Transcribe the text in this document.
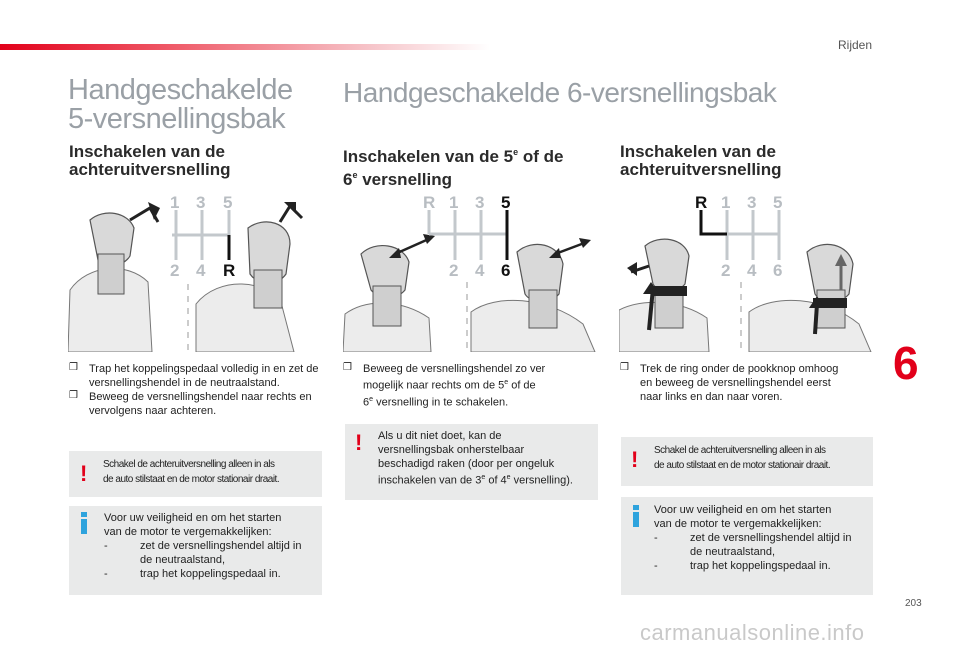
Rijden
Handgeschakelde
5-versnellingsbak
Inschakelen van de
achteruitversnelling
1 3 5
2 4 R
❒ Trap het koppelingspedaal volledig in en zet de versnellingshendel in de neutraalstand.
❒ Beweeg de versnellingshendel naar rechts en vervolgens naar achteren.
! Schakel de achteruitversnelling alleen in als
de auto stilstaat en de motor stationair draait.
Voor uw veiligheid en om het starten
van de motor te vergemakkelijken:
-	zet de versnellingshendel altijd in
de neutraalstand,
-	trap het koppelingspedaal in.
Handgeschakelde 6-versnellingsbak
Inschakelen van de 5e of de
6e versnelling
R 1 3 5
2 4 6
❒ Beweeg de versnellingshendel zo ver
mogelijk naar rechts om de 5e of de
6e versnelling in te schakelen.
! Als u dit niet doet, kan de
versnellingsbak onherstelbaar
beschadigd raken (door per ongeluk
inschakelen van de 3e of 4e versnelling).
Inschakelen van de
achteruitversnelling
R 1 3 5
2 4 6
❒ Trek de ring onder de pookknop omhoog
en beweeg de versnellingshendel eerst
naar links en dan naar voren.
! Schakel de achteruitversnelling alleen in als
de auto stilstaat en de motor stationair draait.
Voor uw veiligheid en om het starten
van de motor te vergemakkelijken:
-	zet de versnellingshendel altijd in
de neutraalstand,
-	trap het koppelingspedaal in.
6
203
carmanualsonline.info
